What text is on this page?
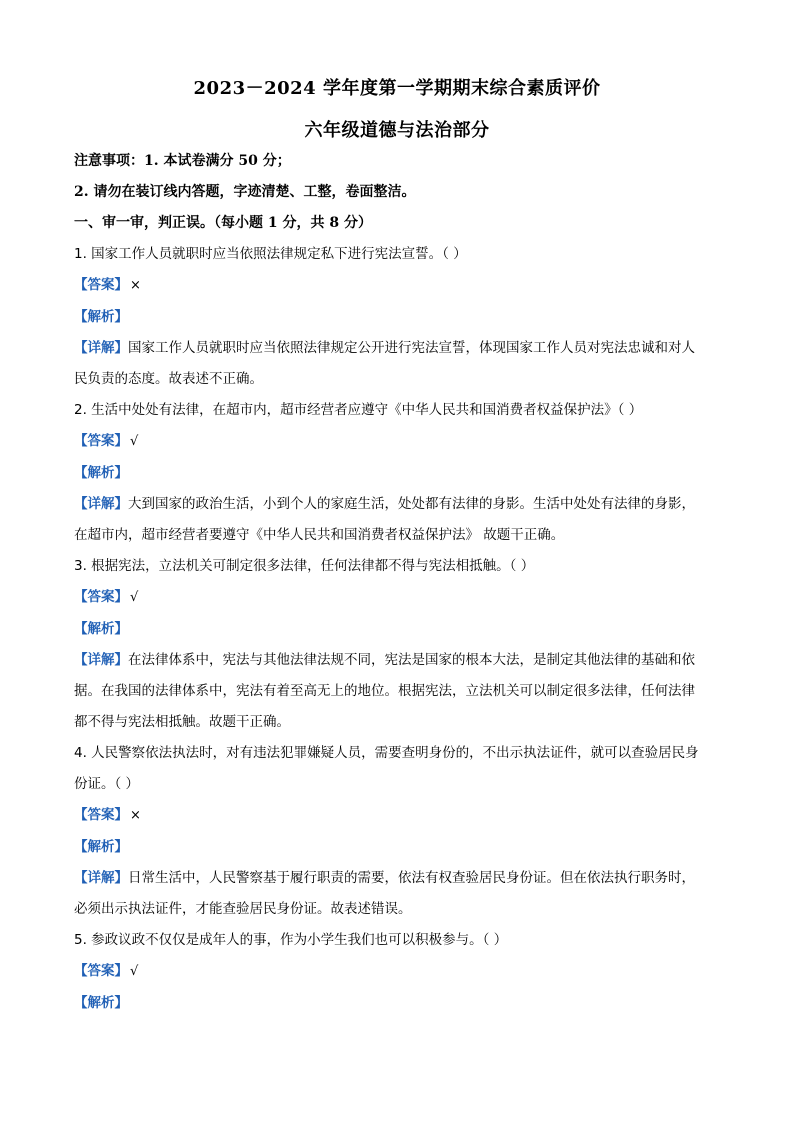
2023－2024 学年度第一学期期末综合素质评价
六年级道德与法治部分
注意事项：1. 本试卷满分 50 分；
2. 请勿在装订线内答题，字迹清楚、工整，卷面整洁。
一、审一审，判正误。（每小题 1 分，共 8 分）
1. 国家工作人员就职时应当依照法律规定私下进行宪法宣誓。（ ）
【答案】 ×
【解析】
【详解】国家工作人员就职时应当依照法律规定公开进行宪法宣誓，体现国家工作人员对宪法忠诚和对人
民负责的态度。故表述不正确。
2. 生活中处处有法律，在超市内，超市经营者应遵守《中华人民共和国消费者权益保护法》（ ）
【答案】 √
【解析】
【详解】大到国家的政治生活，小到个人的家庭生活，处处都有法律的身影。生活中处处有法律的身影，
在超市内，超市经营者要遵守《中华人民共和国消费者权益保护法》 故题干正确。
3. 根据宪法，立法机关可制定很多法律，任何法律都不得与宪法相抵触。（ ）
【答案】 √
【解析】
【详解】在法律体系中，宪法与其他法律法规不同，宪法是国家的根本大法，是制定其他法律的基础和依
据。在我国的法律体系中，宪法有着至高无上的地位。根据宪法，立法机关可以制定很多法律，任何法律
都不得与宪法相抵触。故题干正确。
4. 人民警察依法执法时，对有违法犯罪嫌疑人员，需要查明身份的，不出示执法证件，就可以查验居民身
份证。（ ）
【答案】 ×
【解析】
【详解】日常生活中，人民警察基于履行职责的需要，依法有权查验居民身份证。但在依法执行职务时，
必须出示执法证件，才能查验居民身份证。故表述错误。
5. 参政议政不仅仅是成年人的事，作为小学生我们也可以积极参与。（ ）
【答案】 √
【解析】
